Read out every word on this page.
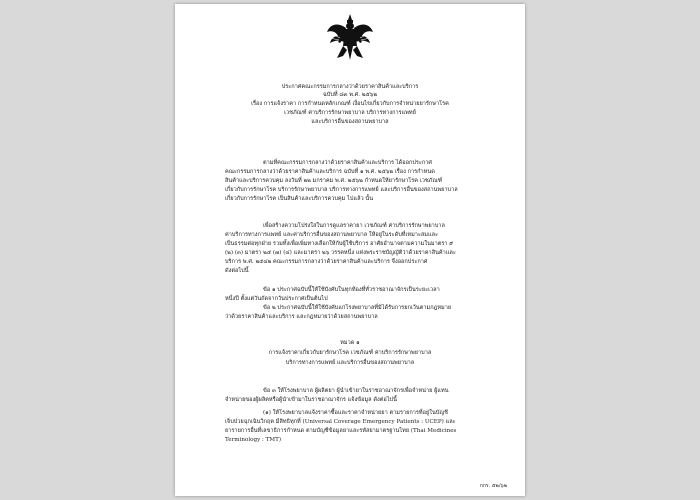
ประกาศคณะกรรมการกลางว่าด้วยราคาสินค้าและบริการ
ฉบับที่ ๘๓ พ.ศ. ๒๕๖๒
เรื่อง การแจ้งราคา การกำหนดหลักเกณฑ์ เงื่อนไขเกี่ยวกับการจำหน่ายยารักษาโรค
เวชภัณฑ์ ค่าบริการรักษาพยาบาล บริการทางการแพทย์
และบริการอื่นของสถานพยาบาล
ตามที่คณะกรรมการกลางว่าด้วยราคาสินค้าและบริการ ได้ออกประกาศ
คณะกรรมการกลางว่าด้วยราคาสินค้าและบริการ ฉบับที่ ๑ พ.ศ. ๒๕๖๒ เรื่อง การกำหนด
สินค้าและบริการควบคุม ลงวันที่ ๒๒ มกราคม พ.ศ. ๒๕๖๒ กำหนดให้ยารักษาโรค เวชภัณฑ์
เกี่ยวกับการรักษาโรค บริการรักษาพยาบาล บริการทางการแพทย์ และบริการอื่นของสถานพยาบาล
เกี่ยวกับการรักษาโรค เป็นสินค้าและบริการควบคุม ไปแล้ว นั้น
เพื่อสร้างความโปร่งใสในการดูแลราคายา เวชภัณฑ์ ค่าบริการรักษาพยาบาล
ค่าบริการทางการแพทย์ และค่าบริการอื่นของสถานพยาบาล ให้อยู่ในระดับที่เหมาะสมและ
เป็นธรรมต่อทุกฝ่าย รวมทั้งเพื่อเพิ่มทางเลือกให้กับผู้ใช้บริการ อาศัยอำนาจตามความในมาตรา ๙
(๒) (๓) มาตรา ๒๕ (๗) (๔) และมาตรา ๒๖ วรรคหนึ่ง แห่งพระราชบัญญัติว่าด้วยราคาสินค้าและ
บริการ พ.ศ. ๒๕๔๒ คณะกรรมการกลางว่าด้วยราคาสินค้าและบริการ จึงออกประกาศ
ดังต่อไปนี้
ข้อ ๑ ประกาศฉบับนี้ให้ใช้บังคับในทุกท้องที่ทั่วราชอาณาจักรเป็นระยะเวลา
หนึ่งปี ตั้งแต่วันถัดจากวันประกาศเป็นต้นไป
ข้อ ๒ ประกาศฉบับนี้ให้ใช้บังคับแก่โรงพยาบาลที่มิได้รับการยกเว้นตามกฎหมาย
ว่าด้วยราคาสินค้าและบริการ และกฎหมายว่าด้วยสถานพยาบาล
หมวด ๑
การแจ้งราคาเกี่ยวกับยารักษาโรค เวชภัณฑ์ ค่าบริการรักษาพยาบาล
บริการทางการแพทย์ และบริการอื่นของสถานพยาบาล
ข้อ ๓ ให้โรงพยาบาล ผู้ผลิตยา ผู้นำเข้ายาในราชอาณาจักรเพื่อจำหน่าย ผู้แทน
จำหน่ายของผู้ผลิตหรือผู้นำเข้ามาในราชอาณาจักร แจ้งข้อมูล ดังต่อไปนี้
(๑) ให้โรงพยาบาลแจ้งราคาซื้อและราคาจำหน่ายยา ตามรายการที่อยู่ในบัญชี
เจ็บป่วยฉุกเฉินวิกฤต มีสิทธิทุกที่ (Universal Coverage Emergency Patients : UCEP) และ
ยารายการอื่นที่เลขาธิการกำหนด ตามบัญชีข้อมูลยาและรหัสยามาตรฐานไทย (Thai Medicines
Terminology : TMT)
กกร. ๕๒/๖๒
